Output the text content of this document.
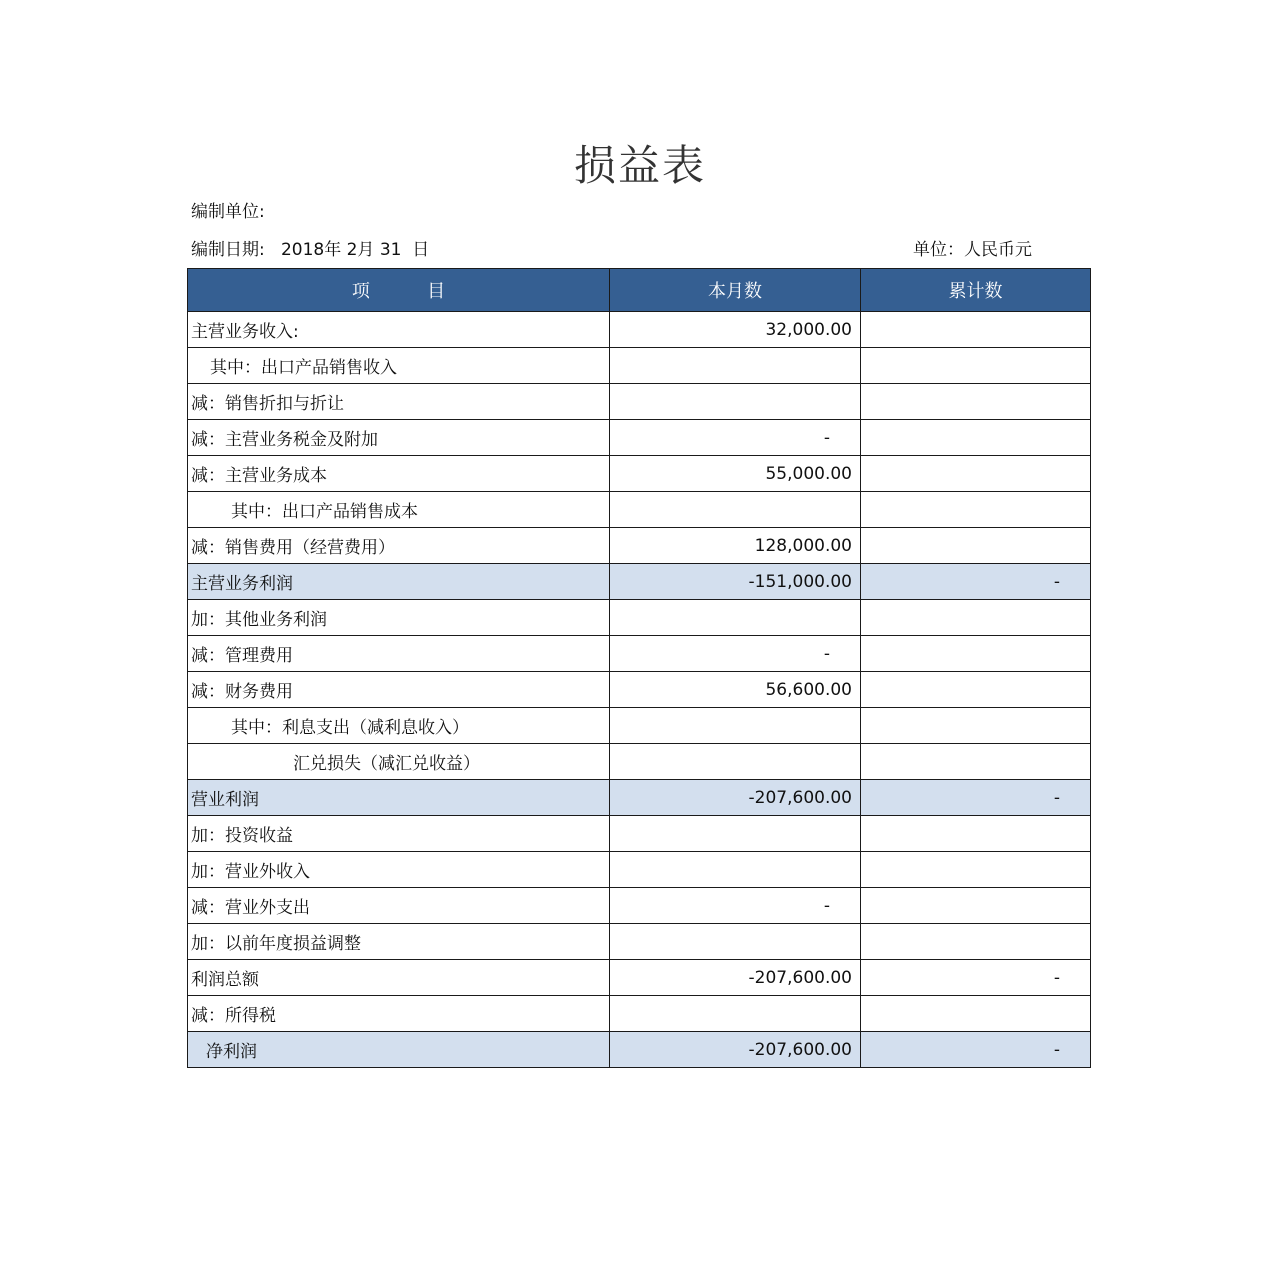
损益表
编制单位:
编制日期:   2018年 2月 31  日	单位：人民币元
项          目	本月数	累计数
主营业务收入:	32,000.00	
其中：出口产品销售收入		
减：销售折扣与折让		
减：主营业务税金及附加	-	
减：主营业务成本	55,000.00	
其中：出口产品销售成本		
减：销售费用（经营费用）	128,000.00	
主营业务利润	-151,000.00	-
加：其他业务利润		
减：管理费用	-	
减：财务费用	56,600.00	
其中：利息支出（减利息收入）		
汇兑损失（减汇兑收益）		
营业利润	-207,600.00	-
加：投资收益		
加：营业外收入		
减：营业外支出	-	
加：以前年度损益调整		
利润总额	-207,600.00	-
减：所得税		
净利润	-207,600.00	-
